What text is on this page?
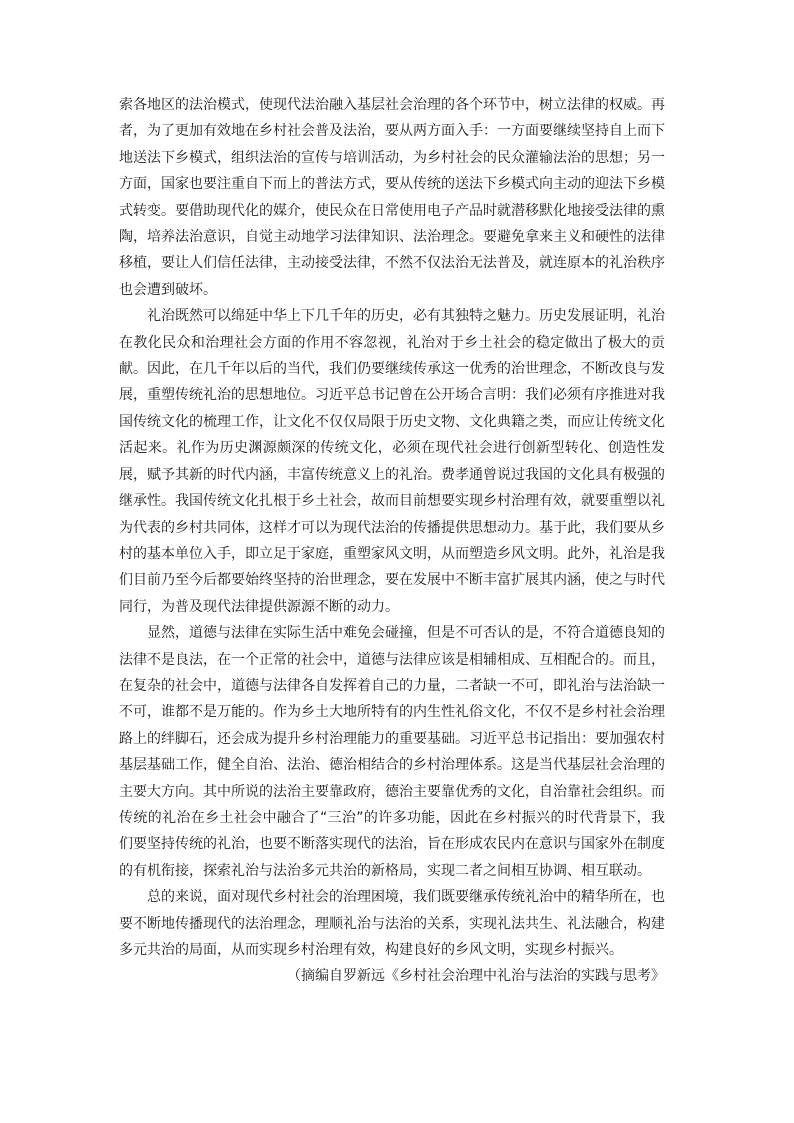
索各地区的法治模式，使现代法治融入基层社会治理的各个环节中，树立法律的权威。再者，为了更加有效地在乡村社会普及法治，要从两方面入手：一方面要继续坚持自上而下地送法下乡模式，组织法治的宣传与培训活动，为乡村社会的民众灌输法治的思想；另一方面，国家也要注重自下而上的普法方式，要从传统的送法下乡模式向主动的迎法下乡模式转变。要借助现代化的媒介，使民众在日常使用电子产品时就潜移默化地接受法律的熏陶，培养法治意识，自觉主动地学习法律知识、法治理念。要避免拿来主义和硬性的法律移植，要让人们信任法律，主动接受法律，不然不仅法治无法普及，就连原本的礼治秩序也会遭到破坏。

礼治既然可以绵延中华上下几千年的历史，必有其独特之魅力。历史发展证明，礼治在教化民众和治理社会方面的作用不容忽视，礼治对于乡土社会的稳定做出了极大的贡献。因此，在几千年以后的当代，我们仍要继续传承这一优秀的治世理念，不断改良与发展，重塑传统礼治的思想地位。习近平总书记曾在公开场合言明：我们必须有序推进对我国传统文化的梳理工作，让文化不仅仅局限于历史文物、文化典籍之类，而应让传统文化活起来。礼作为历史渊源颇深的传统文化，必须在现代社会进行创新型转化、创造性发展，赋予其新的时代内涵，丰富传统意义上的礼治。费孝通曾说过我国的文化具有极强的继承性。我国传统文化扎根于乡土社会，故而目前想要实现乡村治理有效，就要重塑以礼为代表的乡村共同体，这样才可以为现代法治的传播提供思想动力。基于此，我们要从乡村的基本单位入手，即立足于家庭，重塑家风文明，从而塑造乡风文明。此外，礼治是我们目前乃至今后都要始终坚持的治世理念，要在发展中不断丰富扩展其内涵，使之与时代同行，为普及现代法律提供源源不断的动力。

显然，道德与法律在实际生活中难免会碰撞，但是不可否认的是，不符合道德良知的法律不是良法，在一个正常的社会中，道德与法律应该是相辅相成、互相配合的。而且，在复杂的社会中，道德与法律各自发挥着自己的力量，二者缺一不可，即礼治与法治缺一不可，谁都不是万能的。作为乡土大地所特有的内生性礼俗文化，不仅不是乡村社会治理路上的绊脚石，还会成为提升乡村治理能力的重要基础。习近平总书记指出：要加强农村基层基础工作，健全自治、法治、德治相结合的乡村治理体系。这是当代基层社会治理的主要大方向。其中所说的法治主要靠政府，德治主要靠优秀的文化，自治靠社会组织。而传统的礼治在乡土社会中融合了“三治”的许多功能，因此在乡村振兴的时代背景下，我们要坚持传统的礼治，也要不断落实现代的法治，旨在形成农民内在意识与国家外在制度的有机衔接，探索礼治与法治多元共治的新格局，实现二者之间相互协调、相互联动。

总的来说，面对现代乡村社会的治理困境，我们既要继承传统礼治中的精华所在，也要不断地传播现代的法治理念，理顺礼治与法治的关系，实现礼法共生、礼法融合，构建多元共治的局面，从而实现乡村治理有效，构建良好的乡风文明，实现乡村振兴。

（摘编自罗新远《乡村社会治理中礼治与法治的实践与思考》
